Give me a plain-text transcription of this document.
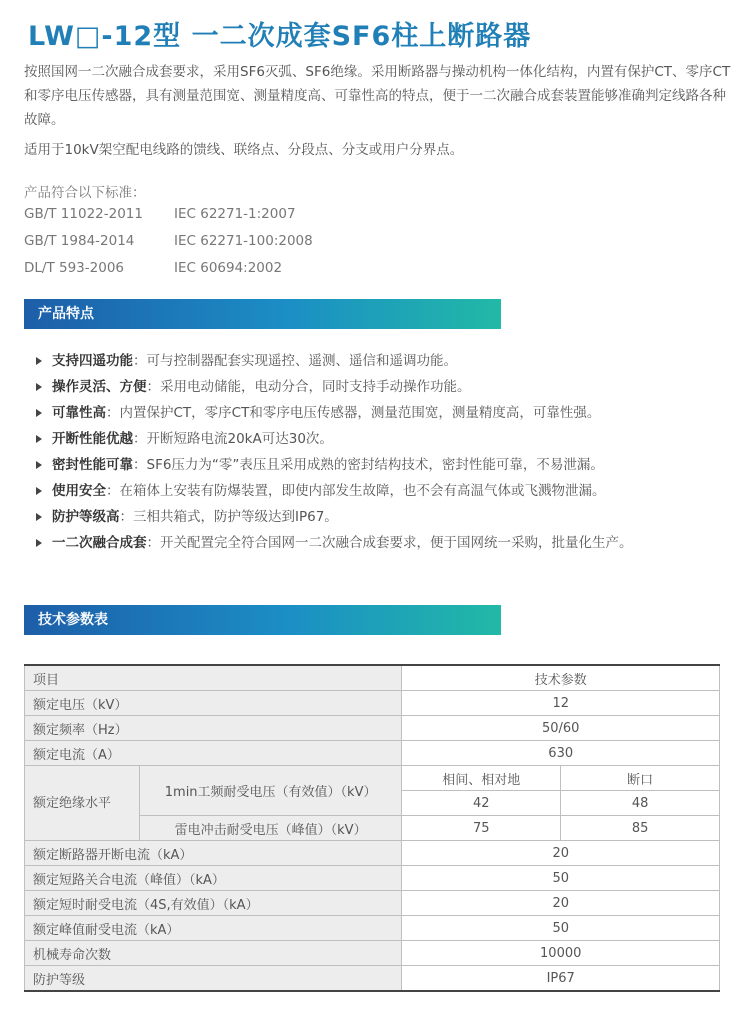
LW□-12型 一二次成套SF6柱上断路器

按照国网一二次融合成套要求，采用SF6灭弧、SF6绝缘。采用断路器与操动机构一体化结构，内置有保护CT、零序CT和零序电压传感器，具有测量范围宽、测量精度高、可靠性高的特点，便于一二次融合成套装置能够准确判定线路各种故障。

适用于10kV架空配电线路的馈线、联络点、分段点、分支或用户分界点。

产品符合以下标准：
GB/T 11022-2011 IEC 62271-1:2007
GB/T 1984-2014	IEC 62271-100:2008
DL/T 593-2006	IEC 60694:2002
产品特点
支持四遥功能：可与控制器配套实现遥控、遥测、遥信和遥调功能。
操作灵活、方便：采用电动储能，电动分合，同时支持手动操作功能。
可靠性高：内置保护CT，零序CT和零序电压传感器，测量范围宽，测量精度高，可靠性强。
开断性能优越：开断短路电流20kA可达30次。
密封性能可靠：SF6压力为“零”表压且采用成熟的密封结构技术，密封性能可靠，不易泄漏。
使用安全：在箱体上安装有防爆装置，即使内部发生故障，也不会有高温气体或飞溅物泄漏。
防护等级高：三相共箱式，防护等级达到IP67。
一二次融合成套：开关配置完全符合国网一二次融合成套要求，便于国网统一采购，批量化生产。
技术参数表
项目		技术参数	
额定电压（kV）		12	
额定频率（Hz）		50/60	
额定电流（A）		630	
额定绝缘水平	1min工频耐受电压（有效值）（kV）	相间、相对地	断口
		42	48
	雷电冲击耐受电压（峰值）（kV）	75	85
额定断路器开断电流（kA）		20	
额定短路关合电流（峰值）（kA）		50	
额定短时耐受电流（4S,有效值）（kA）		20	
额定峰值耐受电流（kA）		50	
机械寿命次数		10000	
防护等级		IP67	
